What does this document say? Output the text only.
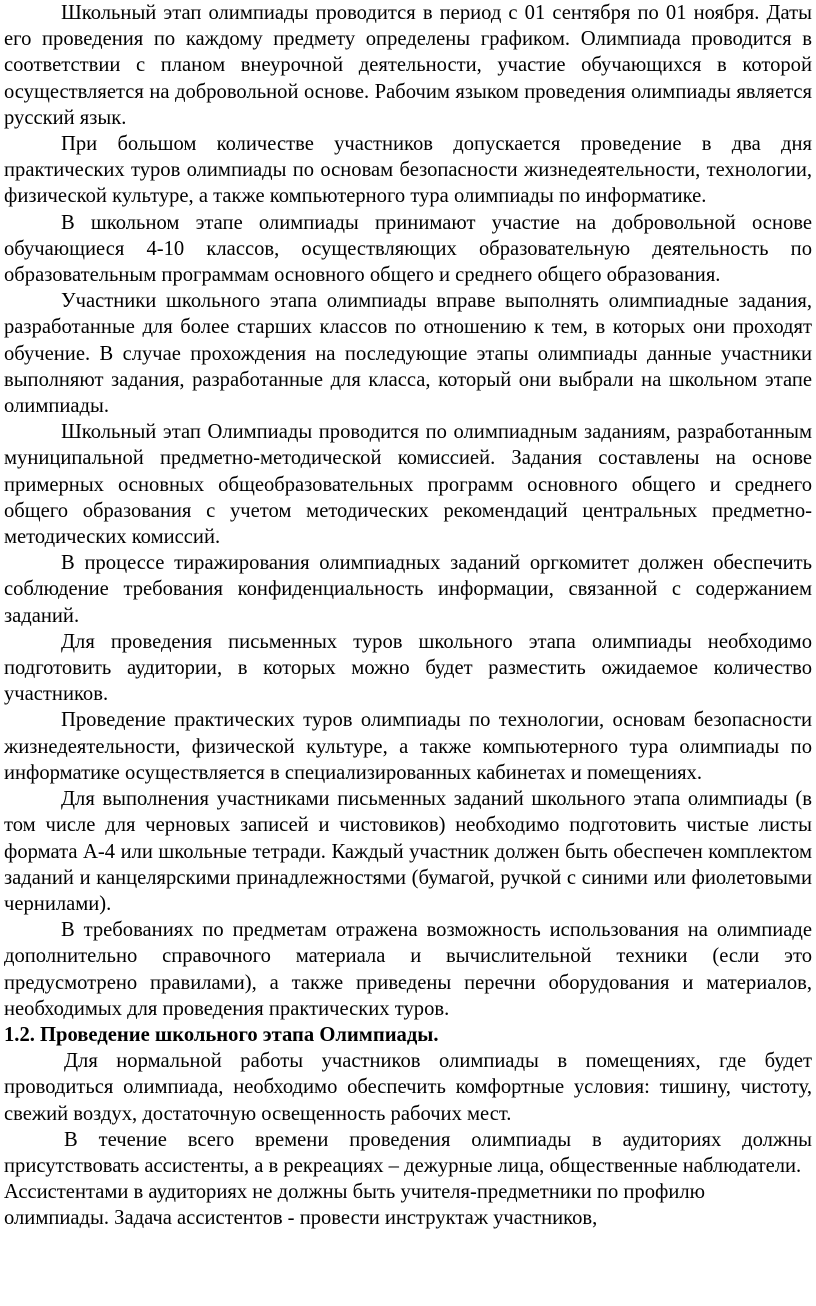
Школьный этап олимпиады проводится в период с 01 сентября по 01 ноября. Даты его проведения по каждому предмету определены графиком. Олимпиада проводится в соответствии с планом внеурочной деятельности, участие обучающихся в которой осуществляется на добровольной основе. Рабочим языком проведения олимпиады является русский язык.

При большом количестве участников допускается проведение в два дня практических туров олимпиады по основам безопасности жизнедеятельности, технологии, физической культуре, а также компьютерного тура олимпиады по информатике.

В школьном этапе олимпиады принимают участие на добровольной основе обучающиеся 4-10 классов, осуществляющих образовательную деятельность по образовательным программам основного общего и среднего общего образования.

Участники школьного этапа олимпиады вправе выполнять олимпиадные задания, разработанные для более старших классов по отношению к тем, в которых они проходят обучение. В случае прохождения на последующие этапы олимпиады данные участники выполняют задания, разработанные для класса, который они выбрали на школьном этапе олимпиады.

Школьный этап Олимпиады проводится по олимпиадным заданиям, разработанным муниципальной предметно-методической комиссией. Задания составлены на основе примерных основных общеобразовательных программ основного общего и среднего общего образования с учетом методических рекомендаций центральных предметно-методических комиссий.

В процессе тиражирования олимпиадных заданий оргкомитет должен обеспечить соблюдение требования конфиденциальность информации, связанной с содержанием заданий.

Для проведения письменных туров школьного этапа олимпиады необходимо подготовить аудитории, в которых можно будет разместить ожидаемое количество участников.

Проведение практических туров олимпиады по технологии, основам безопасности жизнедеятельности, физической культуре, а также компьютерного тура олимпиады по информатике осуществляется в специализированных кабинетах и помещениях.

Для выполнения участниками письменных заданий школьного этапа олимпиады (в том числе для черновых записей и чистовиков) необходимо подготовить чистые листы формата А-4 или школьные тетради. Каждый участник должен быть обеспечен комплектом заданий и канцелярскими принадлежностями (бумагой, ручкой с синими или фиолетовыми чернилами).

В требованиях по предметам отражена возможность использования на олимпиаде дополнительно справочного материала и вычислительной техники (если это предусмотрено правилами), а также приведены перечни оборудования и материалов, необходимых для проведения практических туров.

1.2. Проведение школьного этапа Олимпиады.

Для нормальной работы участников олимпиады в помещениях, где будет проводиться олимпиада, необходимо обеспечить комфортные условия: тишину, чистоту, свежий воздух, достаточную освещенность рабочих мест.

В течение всего времени проведения олимпиады в аудиториях должны присутствовать ассистенты, а в рекреациях – дежурные лица, общественные наблюдатели.

Ассистентами в аудиториях не должны быть учителя-предметники по профилю олимпиады. Задача ассистентов - провести инструктаж участников,
